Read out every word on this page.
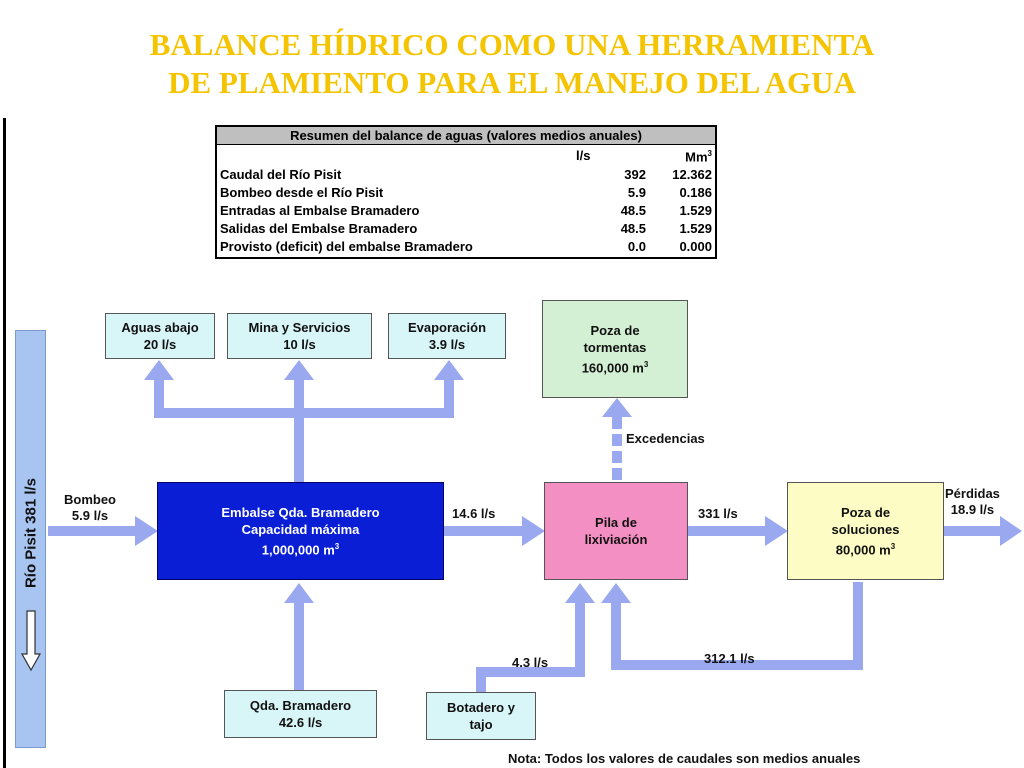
BALANCE HÍDRICO COMO UNA HERRAMIENTA
DE PLAMIENTO PARA EL MANEJO DEL AGUA
Resumen del balance de aguas (valores medios anuales)
	l/s	Mm$^3$
Caudal del Río Pisit	392	12.362
Bombeo desde el Río Pisit	5.9	0.186
Entradas al Embalse Bramadero	48.5	1.529
Salidas del Embalse Bramadero	48.5	1.529
Provisto (deficit) del embalse Bramadero	0.0	0.000
Río Pisit 381 l/s
Aguas abajo
20 l/s
Mina y Servicios
10 l/s
Evaporación
3.9 l/s
Poza de
tormentas
160,000 $m^3$
Excedencias
Embalse Qda. Bramadero
Capacidad máxima
1,000,000 $m^3$
Pila de
lixiviación
Poza de
soluciones
80,000 $m^3$
Qda. Bramadero
42.6 l/s
Botadero y
tajo
Bombeo
5.9 l/s	14.6 l/s	331 l/s
Pérdidas
18.9 l/s
4.3 l/s	312.1 l/s
Nota: Todos los valores de caudales son medios anuales
